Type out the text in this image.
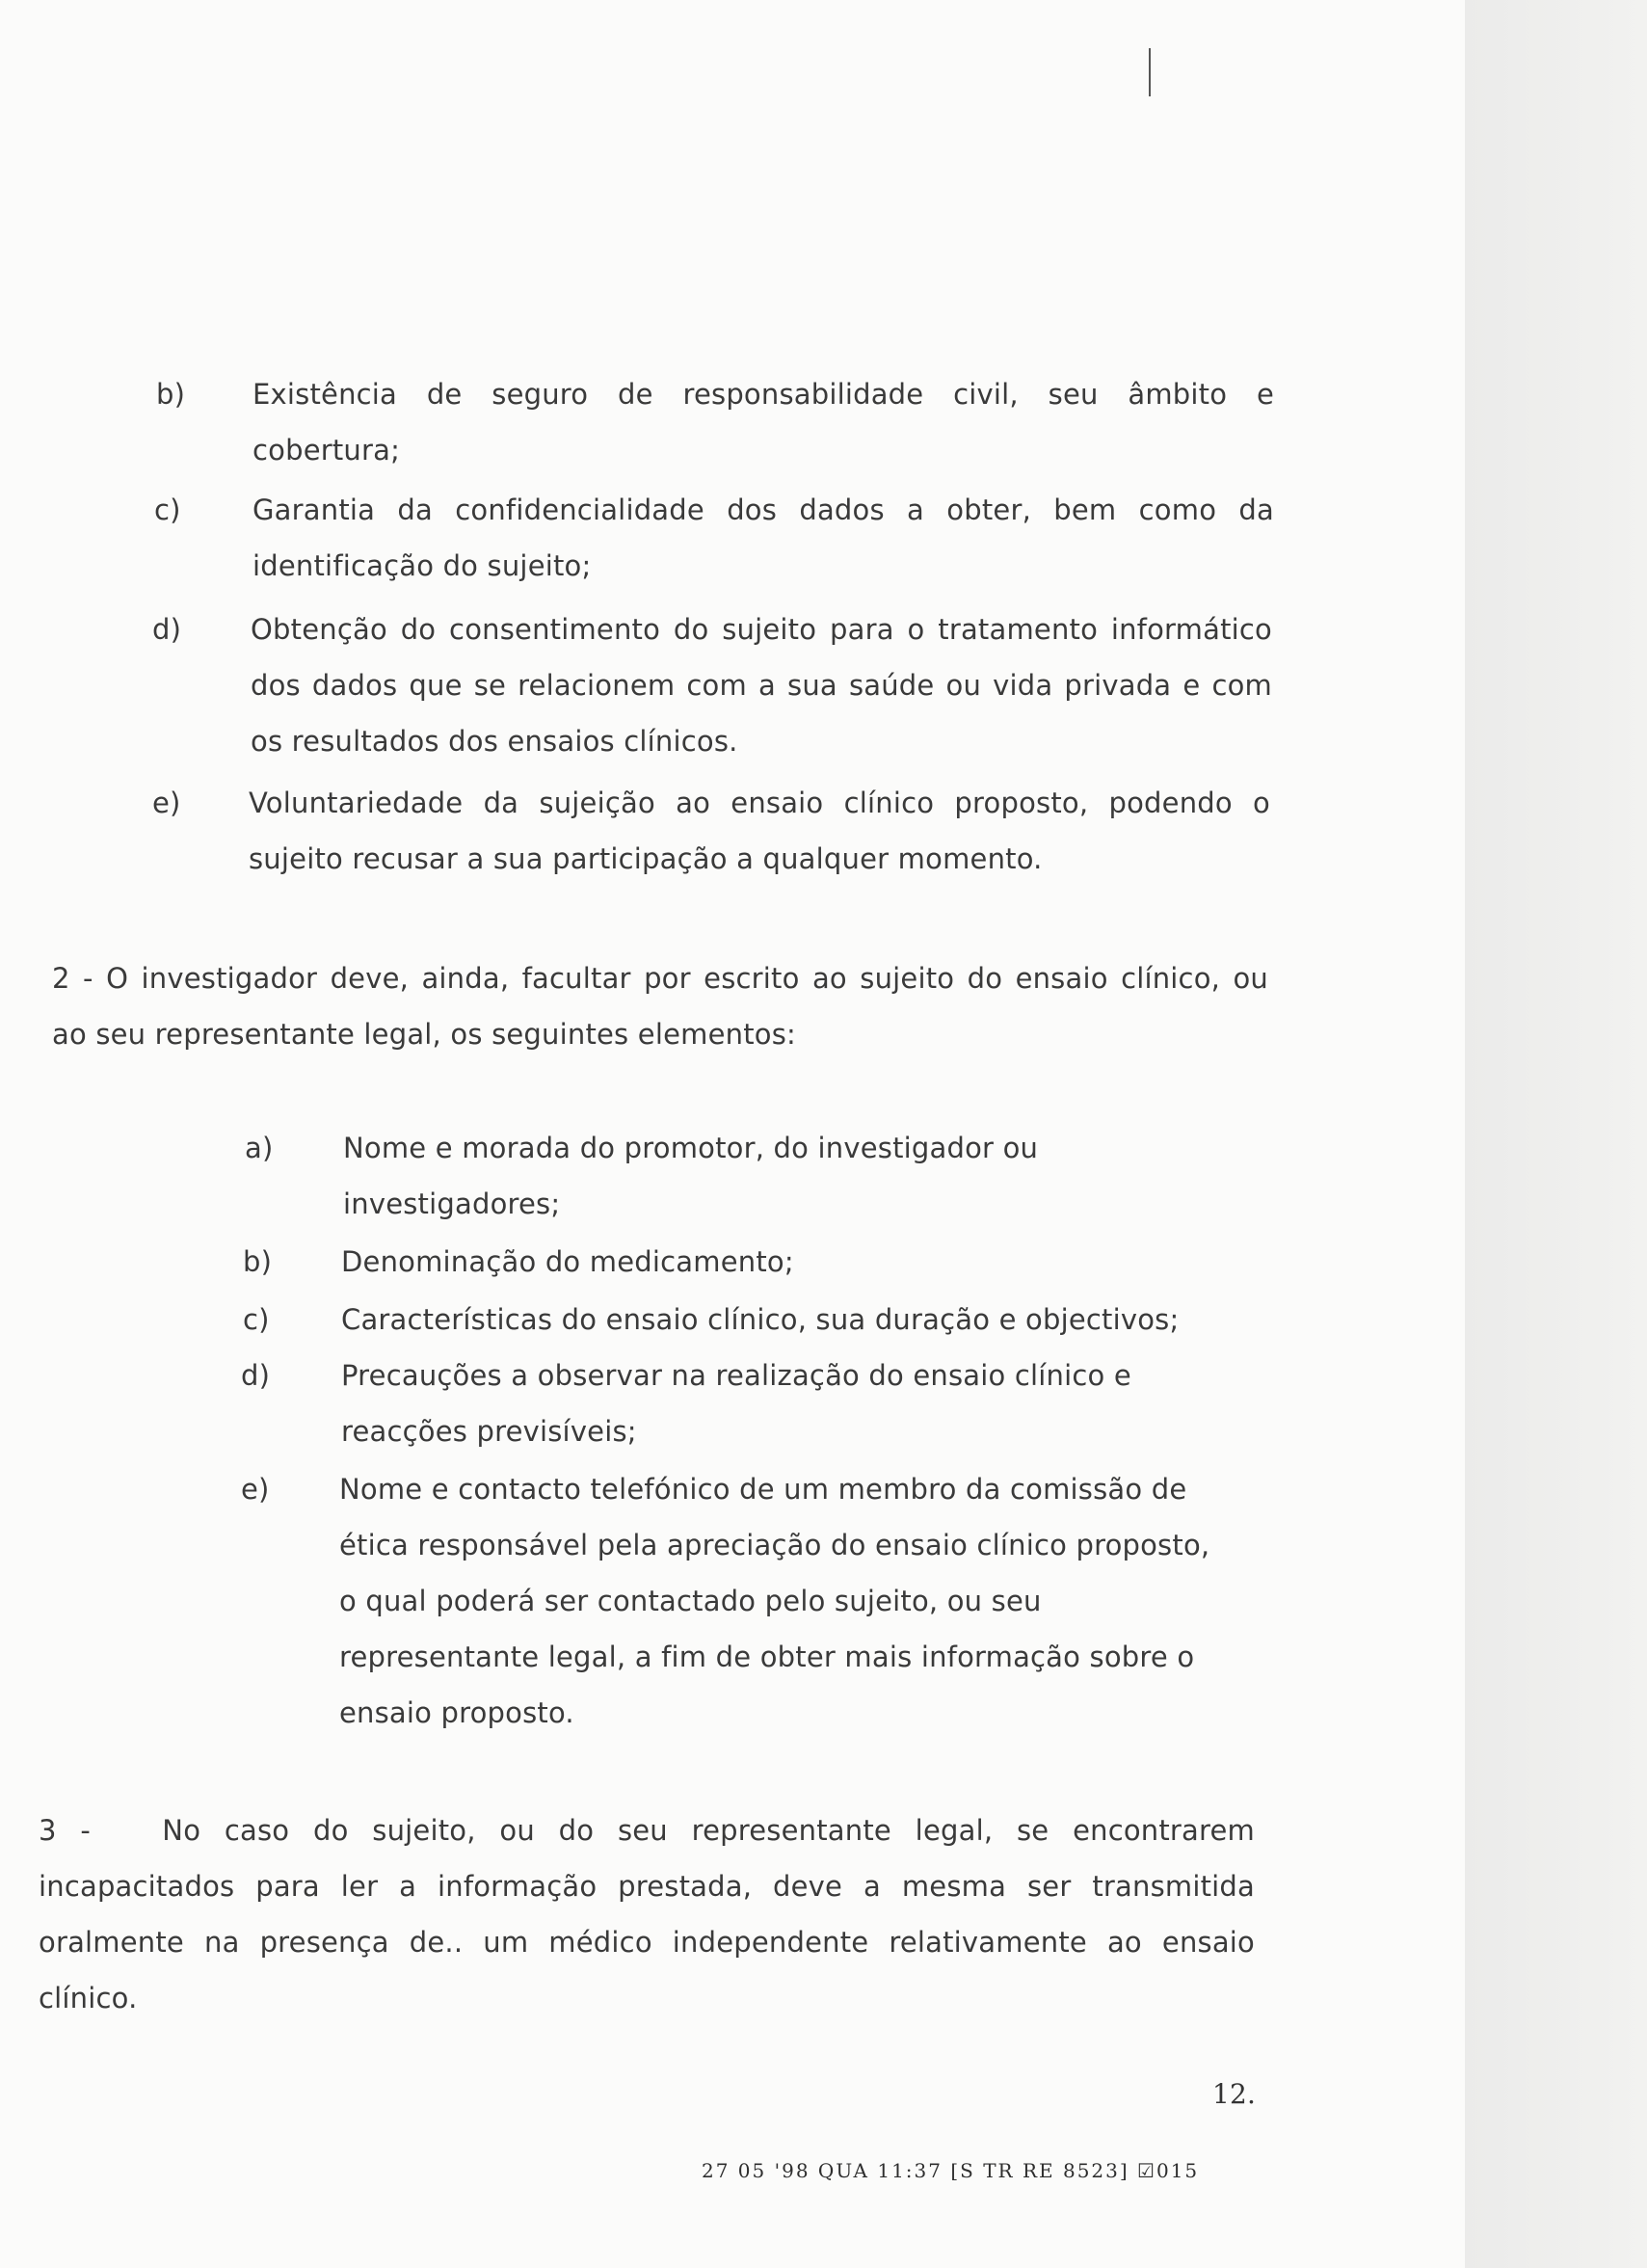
b) Existência de seguro de responsabilidade civil, seu âmbito e
cobertura;
c)	Garantia da confidencialidade dos dados a obter, bem como da
identificação do sujeito;
d) Obtenção do consentimento do sujeito para o tratamento informático
dos dados que se relacionem com a sua saúde ou vida privada e com
os resultados dos ensaios clínicos.
e) Voluntariedade da sujeição ao ensaio clínico proposto, podendo o
sujeito recusar a sua participação a qualquer momento.
2 - O investigador deve, ainda, facultar por escrito ao sujeito do ensaio clínico, ou
ao seu representante legal, os seguintes elementos:
a)	Nome e morada do promotor, do investigador ou
investigadores;
b) Denominação do medicamento;
c)	Características do ensaio clínico, sua duração e objectivos;
d)	Precauções a observar na realização do ensaio clínico e
reacções previsíveis;
e) Nome e contacto telefónico de um membro da comissão de
ética responsável pela apreciação do ensaio clínico proposto,
o qual poderá ser contactado pelo sujeito, ou seu
representante legal, a fim de obter mais informação sobre o
ensaio proposto.
3 -	No caso do sujeito, ou do seu representante legal, se encontrarem
incapacitados para ler a informação prestada, deve a mesma ser transmitida
oralmente na presença de.. um médico independente relativamente ao ensaio
clínico.
12.
27 05 '98 QUA 11:37 [S TR RE 8523] ☑015
